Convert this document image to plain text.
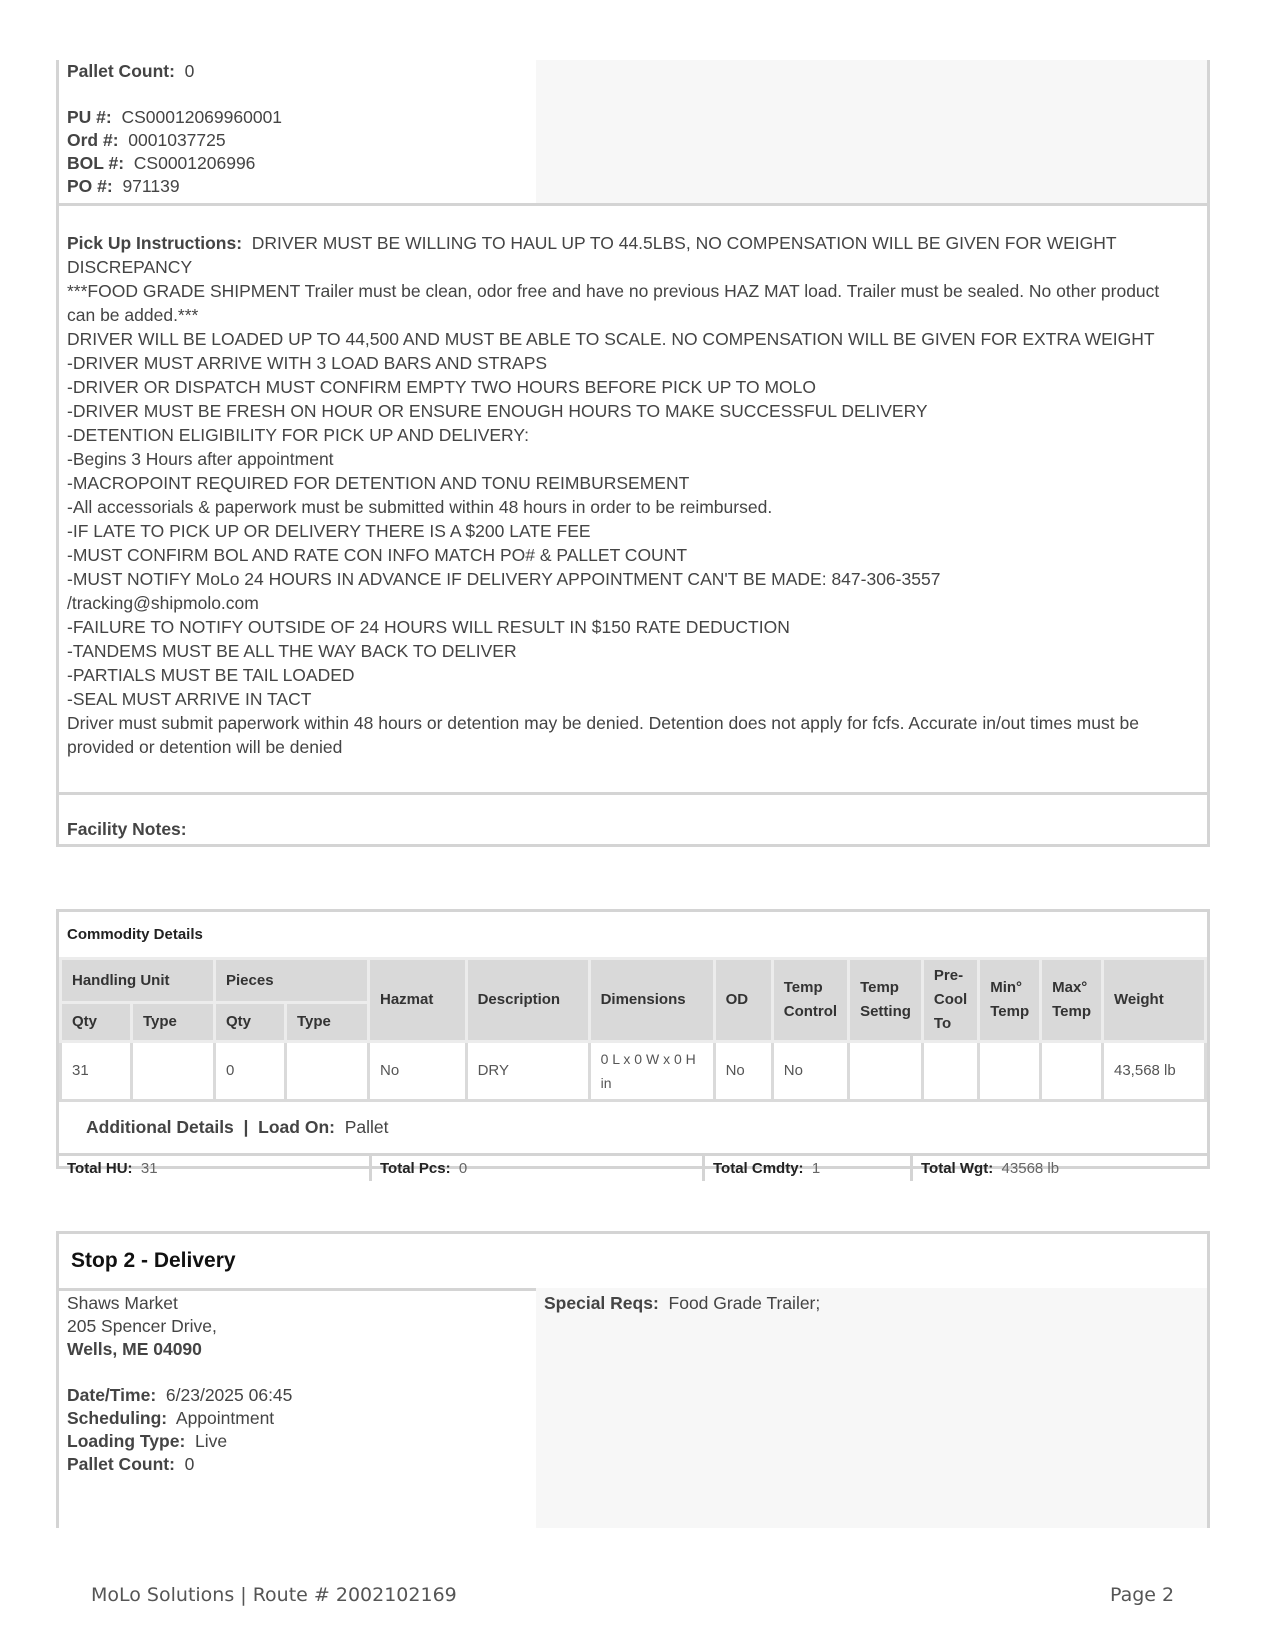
Pallet Count: 0
PU #: CS00012069960001
Ord #: 0001037725
BOL #: CS0001206996
PO #: 971139
Pick Up Instructions: DRIVER MUST BE WILLING TO HAUL UP TO 44.5LBS, NO COMPENSATION WILL BE GIVEN FOR WEIGHT DISCREPANCY
***FOOD GRADE SHIPMENT Trailer must be clean, odor free and have no previous HAZ MAT load. Trailer must be sealed. No other product can be added.***
DRIVER WILL BE LOADED UP TO 44,500 AND MUST BE ABLE TO SCALE. NO COMPENSATION WILL BE GIVEN FOR EXTRA WEIGHT
-DRIVER MUST ARRIVE WITH 3 LOAD BARS AND STRAPS
-DRIVER OR DISPATCH MUST CONFIRM EMPTY TWO HOURS BEFORE PICK UP TO MOLO
-DRIVER MUST BE FRESH ON HOUR OR ENSURE ENOUGH HOURS TO MAKE SUCCESSFUL DELIVERY
-DETENTION ELIGIBILITY FOR PICK UP AND DELIVERY:
-Begins 3 Hours after appointment
-MACROPOINT REQUIRED FOR DETENTION AND TONU REIMBURSEMENT
-All accessorials & paperwork must be submitted within 48 hours in order to be reimbursed.
-IF LATE TO PICK UP OR DELIVERY THERE IS A $200 LATE FEE
-MUST CONFIRM BOL AND RATE CON INFO MATCH PO# & PALLET COUNT
-MUST NOTIFY MoLo 24 HOURS IN ADVANCE IF DELIVERY APPOINTMENT CAN'T BE MADE: 847-306-3557 /tracking@shipmolo.com
-FAILURE TO NOTIFY OUTSIDE OF 24 HOURS WILL RESULT IN $150 RATE DEDUCTION
-TANDEMS MUST BE ALL THE WAY BACK TO DELIVER
-PARTIALS MUST BE TAIL LOADED
-SEAL MUST ARRIVE IN TACT
Driver must submit paperwork within 48 hours or detention may be denied. Detention does not apply for fcfs. Accurate in/out times must be provided or detention will be denied
Facility Notes:
Commodity Details
Handling Unit		Pieces		Hazmat	Description	Dimensions	OD	Temp Control	Temp Setting	Pre-Cool To	Min° Temp	Max° Temp	Weight
Qty	Type	Qty	Type										
31		0		No	DRY	0 L x 0 W x 0 H in	No	No					43,568 lb
Additional Details  |  Load On: Pallet
Total HU: 31	Total Pcs: 0	Total Cmdty: 1	Total Wgt: 43568 lb
Stop 2 - Delivery
Shaws Market
205 Spencer Drive,
Wells, ME 04090
Date/Time: 6/23/2025 06:45
Scheduling: Appointment
Loading Type: Live
Pallet Count: 0
Special Reqs: Food Grade Trailer;
MoLo Solutions | Route # 2002102169	Page 2
